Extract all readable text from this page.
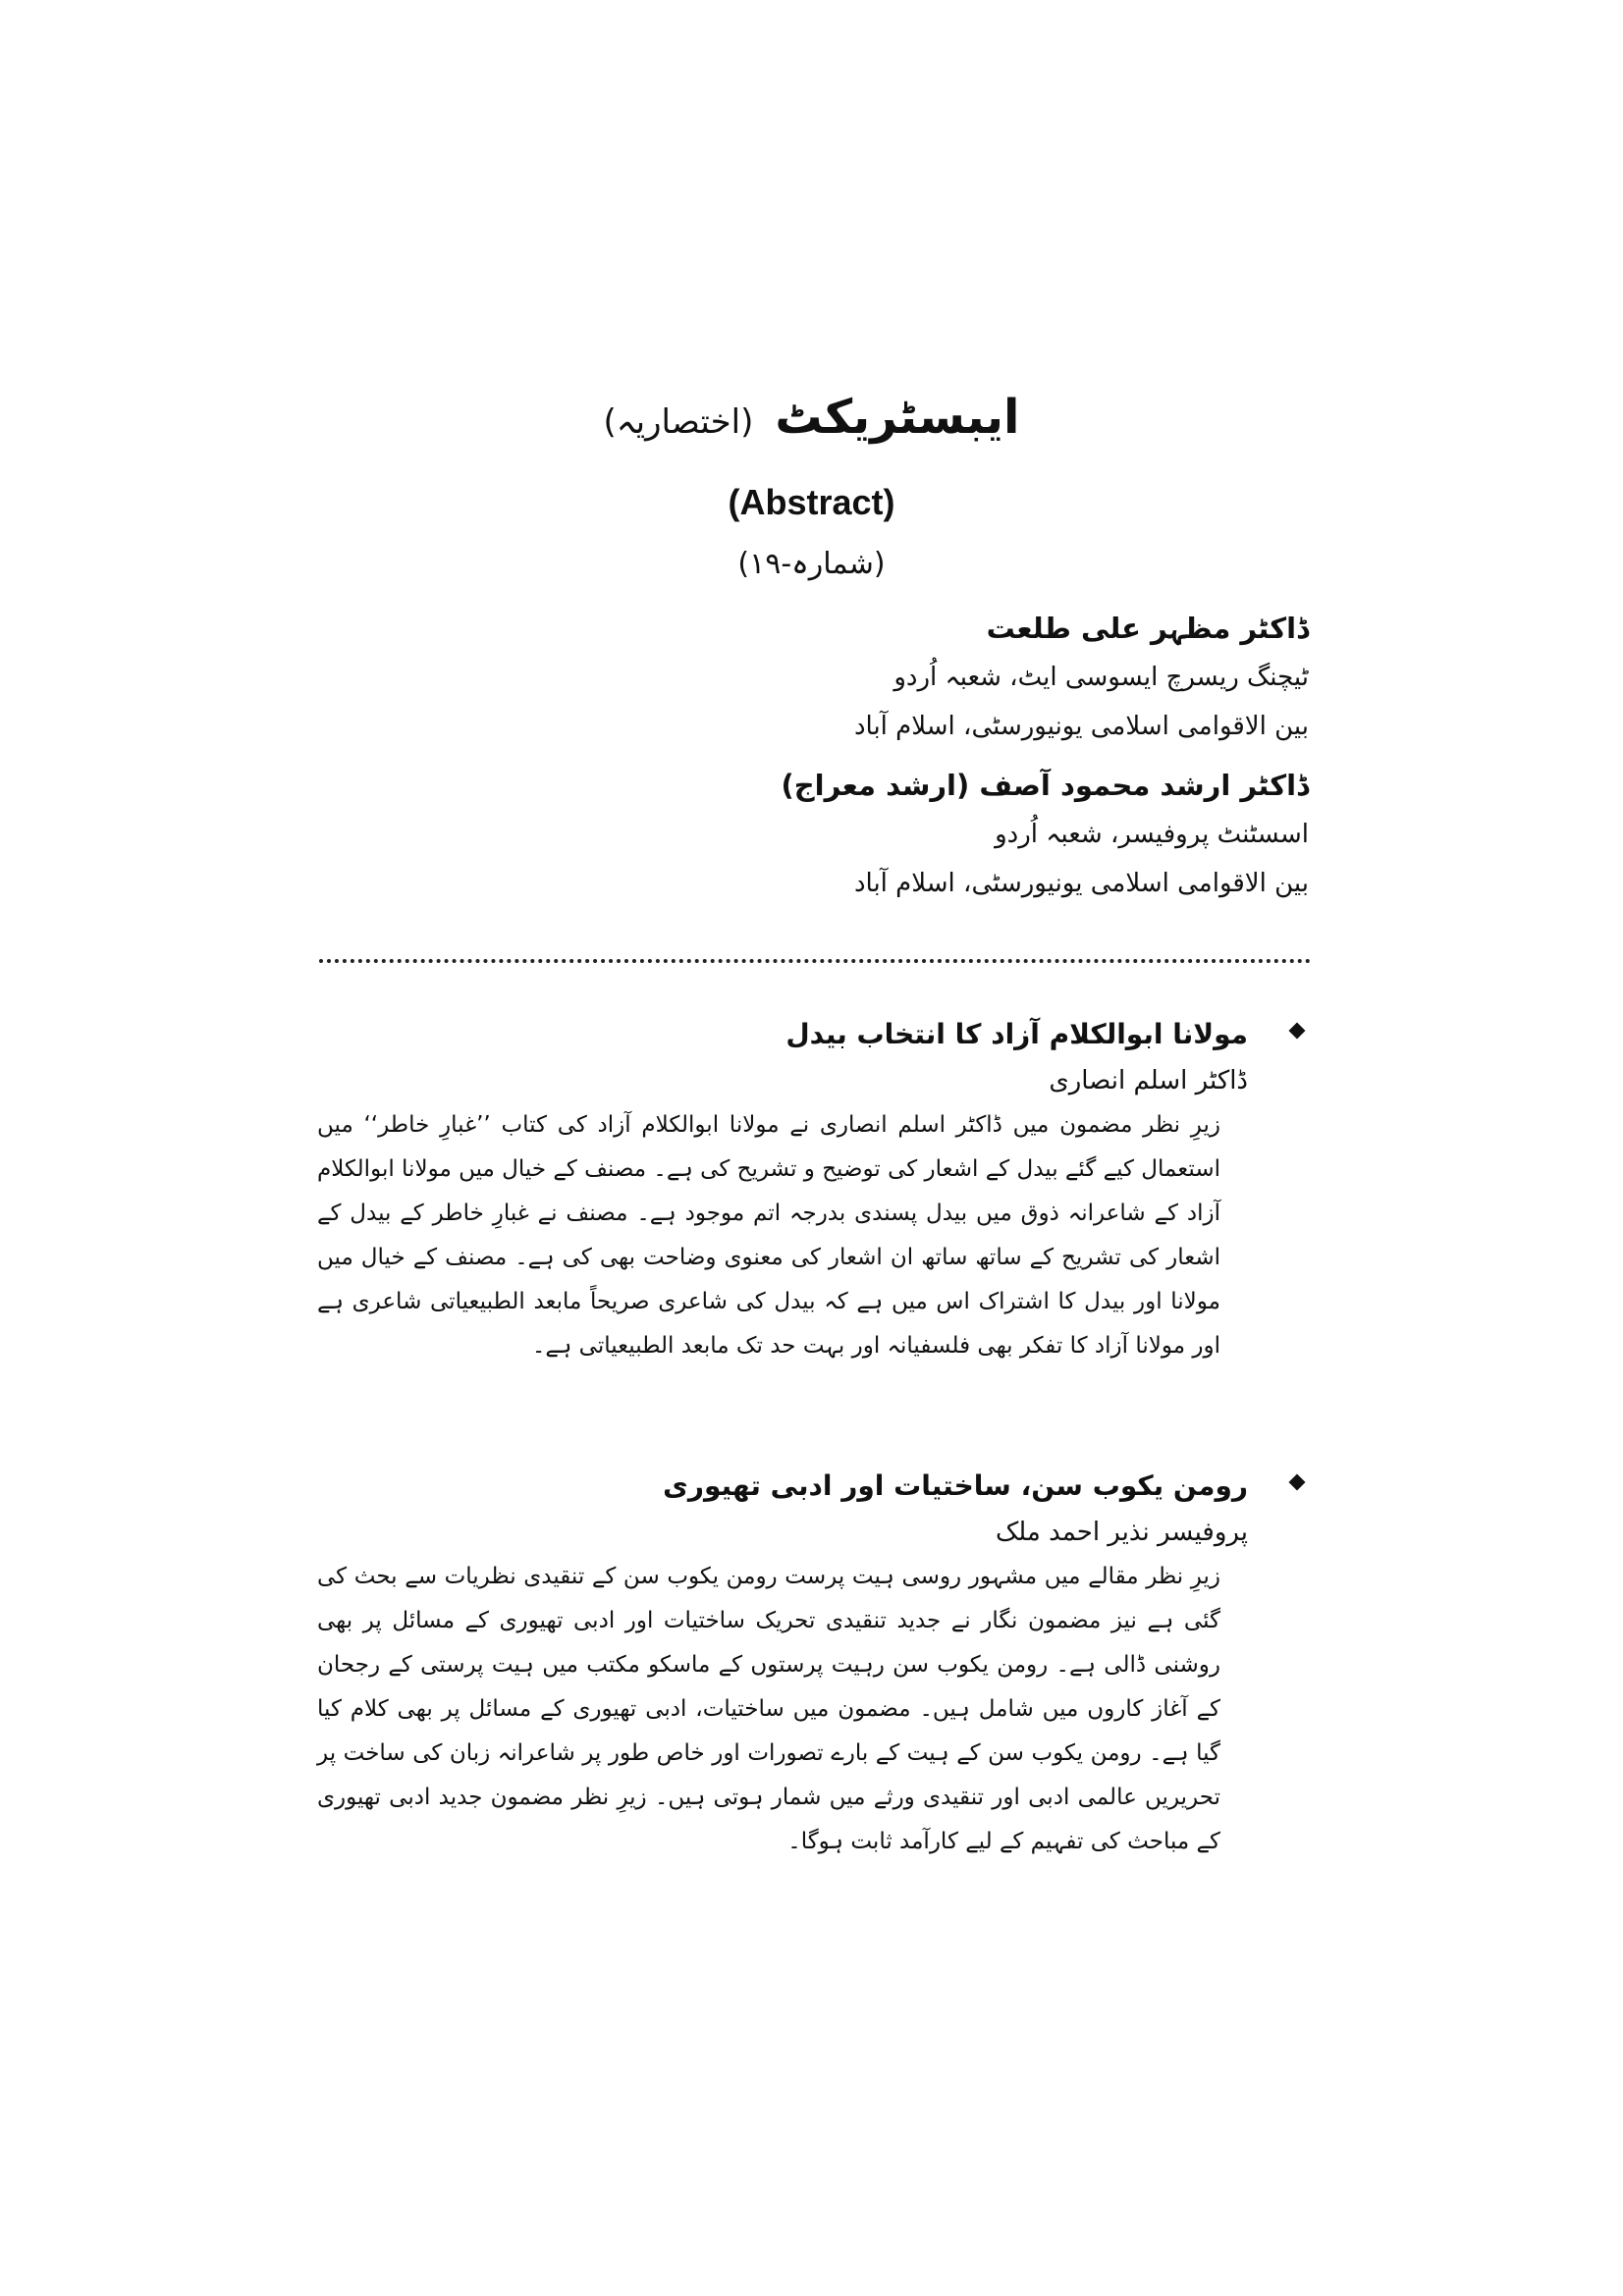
(اختصاریہ) ایبسٹریکٹ
(Abstract)
(شمارہ-۱۹)
ڈاکٹر مظہر علی طلعت
ٹیچنگ ریسرچ ایسوسی ایٹ، شعبہ اُردو
بین الاقوامی اسلامی یونیورسٹی، اسلام آباد
ڈاکٹر ارشد محمود آصف (ارشد معراج)
اسسٹنٹ پروفیسر، شعبہ اُردو
بین الاقوامی اسلامی یونیورسٹی، اسلام آباد
مولانا ابوالکلام آزاد کا انتخاب بیدل
ڈاکٹر اسلم انصاری
زیرِ نظر مضمون میں ڈاکٹر اسلم انصاری نے مولانا ابوالکلام آزاد کی کتاب ’’غبارِ خاطر‘‘ میں استعمال کیے گئے بیدل کے اشعار کی توضیح و تشریح کی ہے۔ مصنف کے خیال میں مولانا ابوالکلام آزاد کے شاعرانہ ذوق میں بیدل پسندی بدرجہ اتم موجود ہے۔ مصنف نے غبارِ خاطر کے بیدل کے اشعار کی تشریح کے ساتھ ساتھ ان اشعار کی معنوی وضاحت بھی کی ہے۔ مصنف کے خیال میں مولانا اور بیدل کا اشتراک اس میں ہے کہ بیدل کی شاعری صریحاً مابعد الطبیعیاتی شاعری ہے اور مولانا آزاد کا تفکر بھی فلسفیانہ اور بہت حد تک مابعد الطبیعیاتی ہے۔
رومن یکوب سن، ساختیات اور ادبی تھیوری
پروفیسر نذیر احمد ملک
زیرِ نظر مقالے میں مشہور روسی ہیت پرست رومن یکوب سن کے تنقیدی نظریات سے بحث کی گئی ہے نیز مضمون نگار نے جدید تنقیدی تحریک ساختیات اور ادبی تھیوری کے مسائل پر بھی روشنی ڈالی ہے۔ رومن یکوب سن رہیت پرستوں کے ماسکو مکتب میں ہیت پرستی کے رجحان کے آغاز کاروں میں شامل ہیں۔ مضمون میں ساختیات، ادبی تھیوری کے مسائل پر بھی کلام کیا گیا ہے۔ رومن یکوب سن کے ہیت کے بارے تصورات اور خاص طور پر شاعرانہ زبان کی ساخت پر تحریریں عالمی ادبی اور تنقیدی ورثے میں شمار ہوتی ہیں۔ زیرِ نظر مضمون جدید ادبی تھیوری کے مباحث کی تفہیم کے لیے کارآمد ثابت ہوگا۔
